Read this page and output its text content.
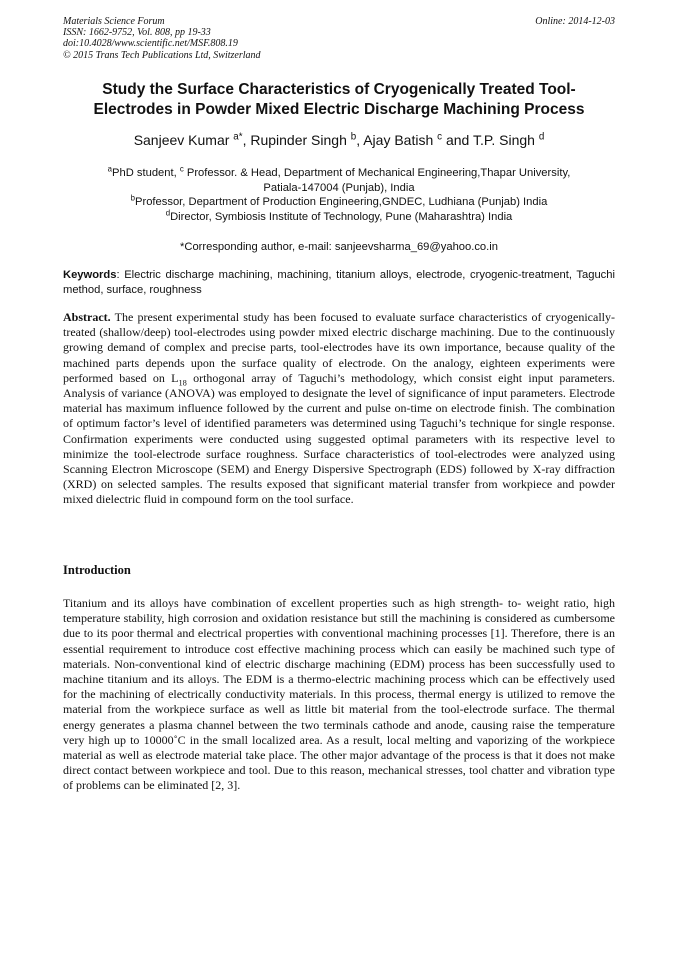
Materials Science Forum
ISSN: 1662-9752, Vol. 808, pp 19-33
doi:10.4028/www.scientific.net/MSF.808.19
© 2015 Trans Tech Publications Ltd, Switzerland
Online: 2014-12-03
Study the Surface Characteristics of Cryogenically Treated Tool-
Electrodes in Powder Mixed Electric Discharge Machining Process
Sanjeev Kumar $^{a*}$, Rupinder Singh $^b$, Ajay Batish $^c$ and T.P. Singh $^d$
$^a$PhD student, $^c$ Professor. & Head, Department of Mechanical Engineering,Thapar University,
Patiala-147004 (Punjab), India
$^b$Professor, Department of Production Engineering,GNDEC, Ludhiana (Punjab) India
$^d$Director, Symbiosis Institute of Technology, Pune (Maharashtra) India
*Corresponding author, e-mail: sanjeevsharma_69@yahoo.co.in
Keywords: Electric discharge machining, machining, titanium alloys, electrode, cryogenic-treatment, Taguchi method, surface, roughness

Abstract. The present experimental study has been focused to evaluate surface characteristics of cryogenically- treated (shallow/deep) tool-electrodes using powder mixed electric discharge machining. Due to the continuously growing demand of complex and precise parts, tool-electrodes have its own importance, because quality of the machined parts depends upon the surface quality of electrode. On the analogy, eighteen experiments were performed based on $L_{18}$ orthogonal array of Taguchi’s methodology, which consist eight input parameters. Analysis of variance (ANOVA) was employed to designate the level of significance of input parameters. Electrode material has maximum influence followed by the current and pulse on-time on electrode finish. The combination of optimum factor’s level of identified parameters was determined using Taguchi’s technique for single response. Confirmation experiments were conducted using suggested optimal parameters with its respective level to minimize the tool-electrode surface roughness. Surface characteristics of tool-electrodes were analyzed using Scanning Electron Microscope (SEM) and Energy Dispersive Spectrograph (EDS) followed by X-ray diffraction (XRD) on selected samples. The results exposed that significant material transfer from workpiece and powder mixed dielectric fluid in compound form on the tool surface.

Introduction

Titanium and its alloys have combination of excellent properties such as high strength- to- weight ratio, high temperature stability, high corrosion and oxidation resistance but still the machining is considered as cumbersome due to its poor thermal and electrical properties with conventional machining processes [1]. Therefore, there is an essential requirement to introduce cost effective machining process which can easily be machined such type of materials. Non-conventional kind of electric discharge machining (EDM) process has been successfully used to machine titanium and its alloys. The EDM is a thermo-electric machining process which can be effectively used for the machining of electrically conductivity materials. In this process, thermal energy is utilized to remove the material from the workpiece surface as well as little bit material from the tool-electrode surface. The thermal energy generates a plasma channel between the two terminals cathode and anode, causing raise the temperature very high up to 10000˚C in the small localized area. As a result, local melting and vaporizing of the workpiece material as well as electrode material take place. The other major advantage of the process is that it does not make direct contact between workpiece and tool. Due to this reason, mechanical stresses, tool chatter and vibration type of problems can be eliminated [2, 3].
